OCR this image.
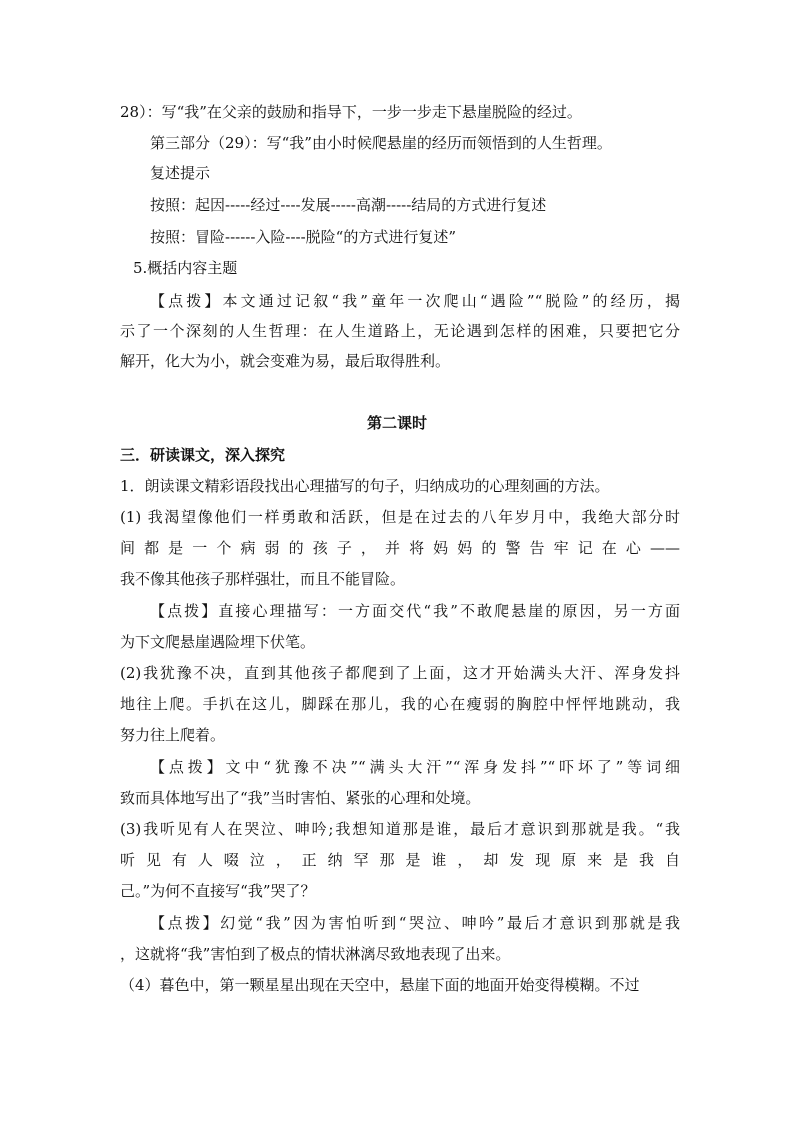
28）：写“我”在父亲的鼓励和指导下，一步一步走下悬崖脱险的经过。
第三部分（29）：写“我”由小时候爬悬崖的经历而领悟到的人生哲理。
复述提示
按照：起因-----经过----发展-----高潮-----结局的方式进行复述
按照：冒险------入险----脱险“的方式进行复述”
5.概括内容主题
【点拨】本文通过记叙“我”童年一次爬山“遇险”“脱险”的经历，揭
示了一个深刻的人生哲理：在人生道路上，无论遇到怎样的困难，只要把它分
解开，化大为小，就会变难为易，最后取得胜利。
第二课时
三．研读课文，深入探究
1．朗读课文精彩语段找出心理描写的句子，归纳成功的心理刻画的方法。
(1) 我渴望像他们一样勇敢和活跃，但是在过去的八年岁月中，我绝大部分时
间都是一个病弱的孩子，并将妈妈的警告牢记在心——
我不像其他孩子那样强壮，而且不能冒险。
【点拨】直接心理描写：一方面交代“我”不敢爬悬崖的原因，另一方面
为下文爬悬崖遇险埋下伏笔。
(2)我犹豫不决，直到其他孩子都爬到了上面，这才开始满头大汗、浑身发抖
地往上爬。手扒在这儿，脚踩在那儿，我的心在瘦弱的胸腔中怦怦地跳动，我
努力往上爬着。
【点拨】文中“犹豫不决”“满头大汗”“浑身发抖”“吓坏了”等词细
致而具体地写出了“我”当时害怕、紧张的心理和处境。
(3)我听见有人在哭泣、呻吟;我想知道那是谁，最后才意识到那就是我。“我
听见有人啜泣，正纳罕那是谁，却发现原来是我自
己。”为何不直接写“我”哭了？
【点拨】幻觉“我”因为害怕听到“哭泣、呻吟”最后才意识到那就是我
，这就将“我”害怕到了极点的情状淋漓尽致地表现了出来。
（4）暮色中，第一颗星星出现在天空中，悬崖下面的地面开始变得模糊。不过
